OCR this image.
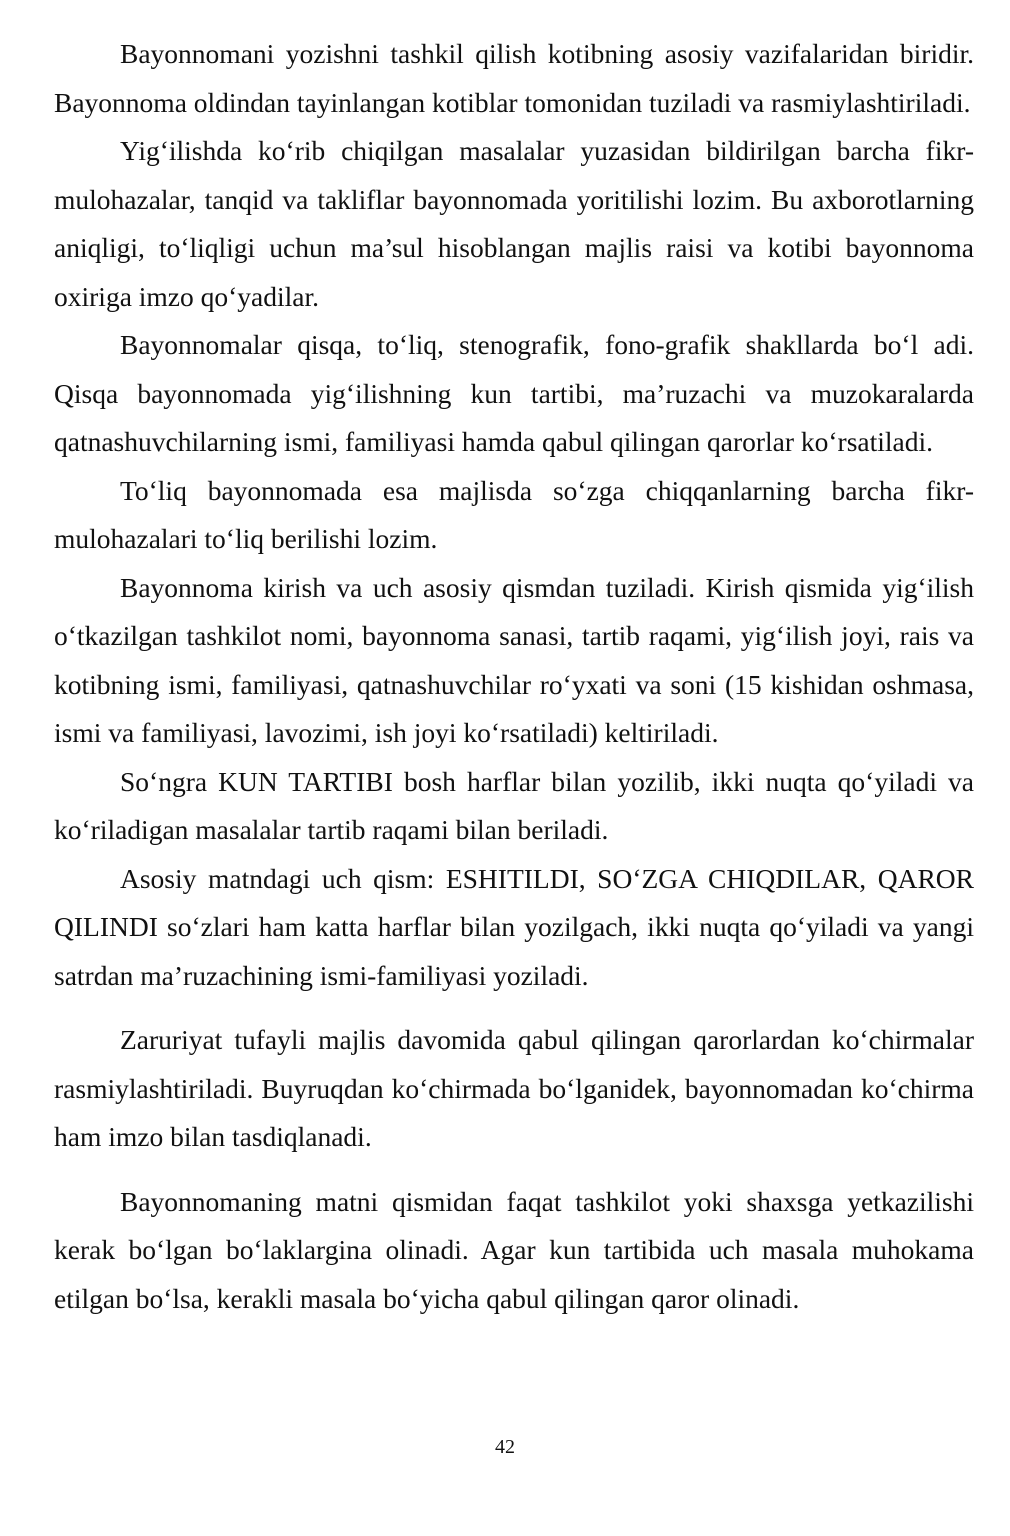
Bayonnomani yozishni tashkil qilish kotibning asosiy vazifalaridan biridir. Bayonnoma oldindan tayinlangan kotiblar tomonidan tuziladi va rasmiylashtiriladi.

Yig‘ilishda ko‘rib chiqilgan masalalar yuzasidan bildirilgan barcha fikr-mulohazalar, tanqid va takliflar bayonnomada yoritilishi lozim. Bu axborotlarning aniqligi, to‘liqligi uchun ma’sul hisoblangan majlis raisi va kotibi bayonnoma oxiriga imzo qo‘yadilar.

Bayonnomalar qisqa, to‘liq, stenografik, fono-grafik shakllarda bo‘l adi. Qisqa bayonnomada yig‘ilishning kun tartibi, ma’ruzachi va muzokaralarda qatnashuvchilarning ismi, familiyasi hamda qabul qilingan qarorlar ko‘rsatiladi.

To‘liq bayonnomada esa majlisda so‘zga chiqqanlarning barcha fikr-mulohazalari to‘liq berilishi lozim.

Bayonnoma kirish va uch asosiy qismdan tuziladi. Kirish qismida yig‘ilish o‘tkazilgan tashkilot nomi, bayonnoma sanasi, tartib raqami, yig‘ilish joyi, rais va kotibning ismi, familiyasi, qatnashuvchilar ro‘yxati va soni (15 kishidan oshmasa, ismi va familiyasi, lavozimi, ish joyi ko‘rsatiladi) keltiriladi.

So‘ngra KUN TARTIBI bosh harflar bilan yozilib, ikki nuqta qo‘yiladi va ko‘riladigan masalalar tartib raqami bilan beriladi.

Asosiy matndagi uch qism: ESHITILDI, SO‘ZGA CHIQDILAR, QAROR QILINDI so‘zlari ham katta harflar bilan yozilgach, ikki nuqta qo‘yiladi va yangi satrdan ma’ruzachining ismi-familiyasi yoziladi.

Zaruriyat tufayli majlis davomida qabul qilingan qarorlardan ko‘chirmalar rasmiylashtiriladi. Buyruqdan ko‘chirmada bo‘lganidek, bayonnomadan ko‘chirma ham imzo bilan tasdiqlanadi.

Bayonnomaning matni qismidan faqat tashkilot yoki shaxsga yetkazilishi kerak bo‘lgan bo‘laklargina olinadi. Agar kun tartibida uch masala muhokama etilgan bo‘lsa, kerakli masala bo‘yicha qabul qilingan qaror olinadi.

42
